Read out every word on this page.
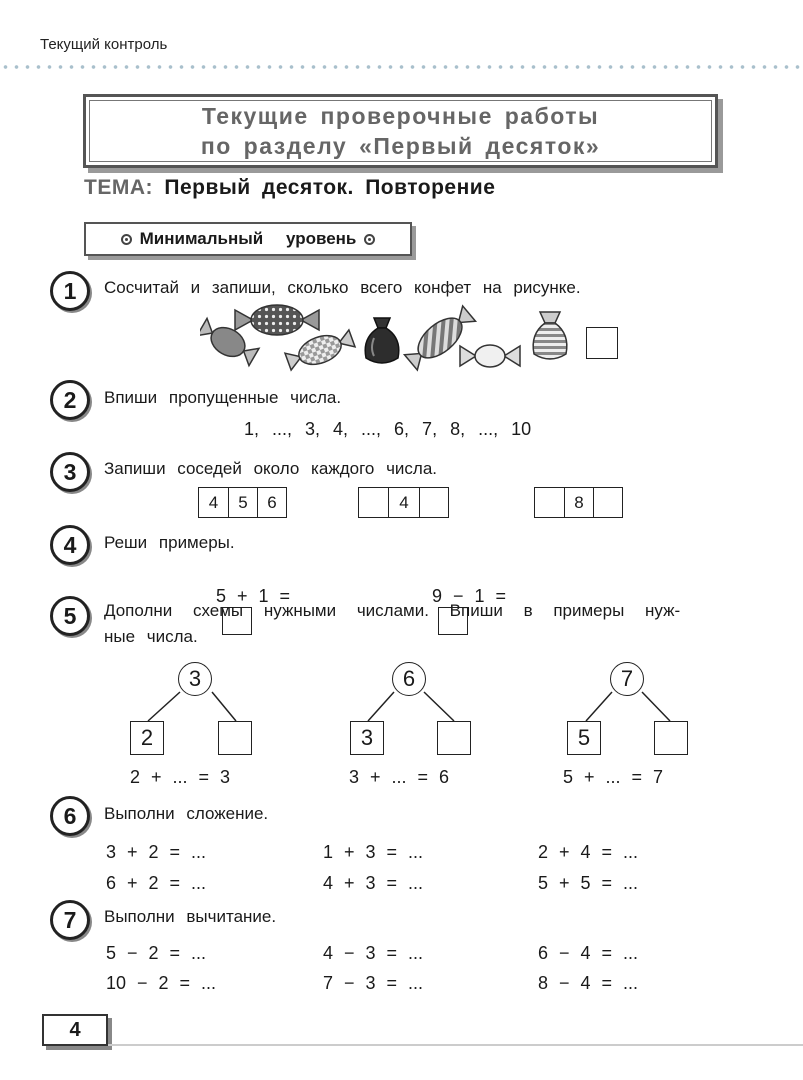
Текущий контроль
Текущие проверочные работы
по разделу «Первый десяток»
ТЕМА: Первый десяток. Повторение
Минимальный уровень
1	Сосчитай и запиши, сколько всего конфет на рисунке.
2	Впиши пропущенные числа.
1, ..., 3, 4, ..., 6, 7, 8, ..., 10
3	Запиши соседей около каждого числа.
4	5	6	4	8
4	Реши примеры.

5 + 1 =
	9 − 1 =

5	Дополни схемы нужными числами. Впиши в примеры нуж-
ные числа.
3
2
2 + ... = 3
6
3
3 + ... = 6
7
5
5 + ... = 7
6	Выполни сложение.
3 + 2 = ...	1 + 3 = ...	2 + 4 = ...
6 + 2 = ...	4 + 3 = ...	5 + 5 = ...
7	Выполни вычитание.
5 − 2 = ...	4 − 3 = ...	6 − 4 = ...
10 − 2 = ...	7 − 3 = ...	8 − 4 = ...
4
